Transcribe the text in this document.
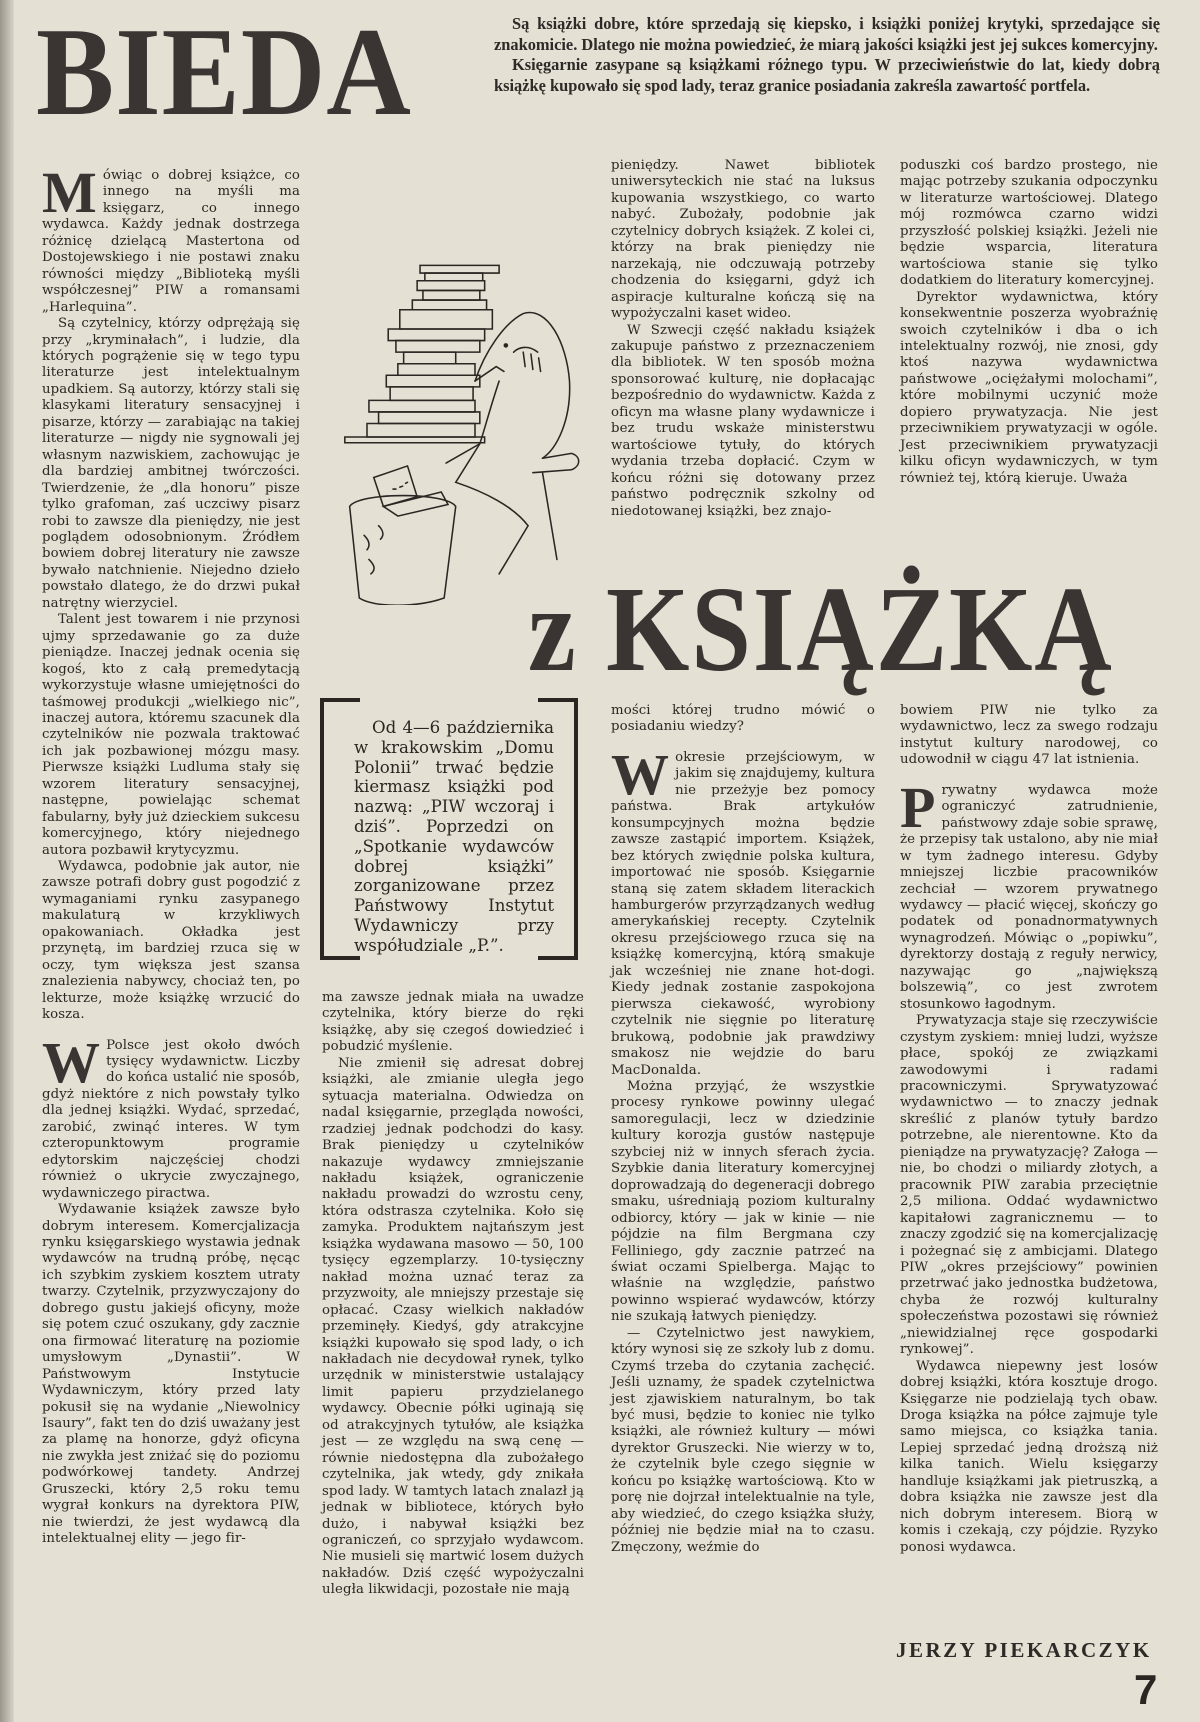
BIEDA	Są książki dobre, które sprzedają się kiepsko, i książki poniżej krytyki, sprzedające się znakomicie. Dlatego nie można powiedzieć, że miarą jakości książki jest jej sukces komercyjny.

Księgarnie zasypane są książkami różnego typu. W przeciwieństwie do lat, kiedy dobrą książkę kupowało się spod lady, teraz granice posiadania zakreśla zawartość portfela.

Mówiąc o dobrej książce, co innego na myśli ma księgarz, co innego wydawca. Każdy jednak dostrzega różnicę dzielącą Mastertona od Dostojewskiego i nie postawi znaku równości między „Biblioteką myśli współczesnej” PIW a romansami „Harlequina”.

Są czytelnicy, którzy odprężają się przy „kryminałach”, i ludzie, dla których pogrążenie się w tego typu literaturze jest intelektualnym upadkiem. Są autorzy, którzy stali się klasykami literatury sensacyjnej i pisarze, którzy — zarabiając na takiej literaturze — nigdy nie sygnowali jej własnym nazwiskiem, zachowując je dla bardziej ambitnej twórczości. Twierdzenie, że „dla honoru” pisze tylko grafoman, zaś uczciwy pisarz robi to zawsze dla pieniędzy, nie jest poglądem odosobnionym. Źródłem bowiem dobrej literatury nie zawsze bywało natchnienie. Niejedno dzieło powstało dlatego, że do drzwi pukał natrętny wierzyciel.

Talent jest towarem i nie przynosi ujmy sprzedawanie go za duże pieniądze. Inaczej jednak ocenia się kogoś, kto z całą premedytacją wykorzystuje własne umiejętności do taśmowej produkcji „wielkiego nic”, inaczej autora, któremu szacunek dla czytelników nie pozwala traktować ich jak pozbawionej mózgu masy. Pierwsze książki Ludluma stały się wzorem literatury sensacyjnej, następne, powielając schemat fabularny, były już dzieckiem sukcesu komercyjnego, który niejednego autora pozbawił krytycyzmu.

Wydawca, podobnie jak autor, nie zawsze potrafi dobry gust pogodzić z wymaganiami rynku zasypanego makulaturą w krzykliwych opakowaniach. Okładka jest przynętą, im bardziej rzuca się w oczy, tym większa jest szansa znalezienia nabywcy, chociaż ten, po lekturze, może książkę wrzucić do kosza.

W Polsce jest około dwóch tysięcy wydawnictw. Liczby do końca ustalić nie sposób, gdyż niektóre z nich powstały tylko dla jednej książki. Wydać, sprzedać, zarobić, zwinąć interes. W tym czteropunktowym programie edytorskim najczęściej chodzi również o ukrycie zwyczajnego, wydawniczego piractwa.

Wydawanie książek zawsze było dobrym interesem. Komercjalizacja rynku księgarskiego wystawia jednak wydawców na trudną próbę, nęcąc ich szybkim zyskiem kosztem utraty twarzy. Czytelnik, przyzwyczajony do dobrego gustu jakiejś oficyny, może się potem czuć oszukany, gdy zacznie ona firmować literaturę na poziomie umysłowym „Dynastii”. W Państwowym Instytucie Wydawniczym, który przed laty pokusił się na wydanie „Niewolnicy Isaury”, fakt ten do dziś uważany jest za plamę na honorze, gdyż oficyna nie zwykła jest zniżać się do poziomu podwórkowej tandety. Andrzej Gruszecki, który 2,5 roku temu wygrał konkurs na dyrektora PIW, nie twierdzi, że jest wydawcą dla intelektualnej elity — jego fir-

pieniędzy. Nawet bibliotek uniwersyteckich nie stać na luksus kupowania wszystkiego, co warto nabyć. Zubożały, podobnie jak czytelnicy dobrych książek. Z kolei ci, którzy na brak pieniędzy nie narzekają, nie odczuwają potrzeby chodzenia do księgarni, gdyż ich aspiracje kulturalne kończą się na wypożyczalni kaset wideo.

W Szwecji część nakładu książek zakupuje państwo z przeznaczeniem dla bibliotek. W ten sposób można sponsorować kulturę, nie dopłacając bezpośrednio do wydawnictw. Każda z oficyn ma własne plany wydawnicze i bez trudu wskaże ministerstwu wartościowe tytuły, do których wydania trzeba dopłacić. Czym w końcu różni się dotowany przez państwo podręcznik szkolny od niedotowanej książki, bez znajo-

poduszki coś bardzo prostego, nie mając potrzeby szukania odpoczynku w literaturze wartościowej. Dlatego mój rozmówca czarno widzi przyszłość polskiej książki. Jeżeli nie będzie wsparcia, literatura wartościowa stanie się tylko dodatkiem do literatury komercyjnej.

Dyrektor wydawnictwa, który konsekwentnie poszerza wyobraźnię swoich czytelników i dba o ich intelektualny rozwój, nie znosi, gdy ktoś nazywa wydawnictwa państwowe „ociężałymi molochami”, które mobilnymi uczynić może dopiero prywatyzacja. Nie jest przeciwnikiem prywatyzacji w ogóle. Jest przeciwnikiem prywatyzacji kilku oficyn wydawniczych, w tym również tej, którą kieruje. Uważa

z KSIĄŻKĄ

Od 4—6 października w krakowskim „Domu Polonii” trwać będzie kiermasz książki pod nazwą: „PIW wczoraj i dziś”. Poprzedzi on „Spotkanie wydawców dobrej książki” zorganizowane przez Państwowy Instytut Wydawniczy przy współudziale „P.”.

ma zawsze jednak miała na uwadze czytelnika, który bierze do ręki książkę, aby się czegoś dowiedzieć i pobudzić myślenie.

Nie zmienił się adresat dobrej książki, ale zmianie uległa jego sytuacja materialna. Odwiedza on nadal księgarnie, przegląda nowości, rzadziej jednak podchodzi do kasy. Brak pieniędzy u czytelników nakazuje wydawcy zmniejszanie nakładu książek, ograniczenie nakładu prowadzi do wzrostu ceny, która odstrasza czytelnika. Koło się zamyka. Produktem najtańszym jest książka wydawana masowo — 50, 100 tysięcy egzemplarzy. 10-tysięczny nakład można uznać teraz za przyzwoity, ale mniejszy przestaje się opłacać. Czasy wielkich nakładów przeminęły. Kiedyś, gdy atrakcyjne książki kupowało się spod lady, o ich nakładach nie decydował rynek, tylko urzędnik w ministerstwie ustalający limit papieru przydzielanego wydawcy. Obecnie półki uginają się od atrakcyjnych tytułów, ale książka jest — ze względu na swą cenę — równie niedostępna dla zubożałego czytelnika, jak wtedy, gdy znikała spod lady. W tamtych latach znalazł ją jednak w bibliotece, których było dużo, i nabywał książki bez ograniczeń, co sprzyjało wydawcom. Nie musieli się martwić losem dużych nakładów. Dziś część wypożyczalni uległa likwidacji, pozostałe nie mają

mości której trudno mówić o posiadaniu wiedzy?

Wokresie przejściowym, w jakim się znajdujemy, kultura nie przeżyje bez pomocy państwa. Brak artykułów konsumpcyjnych można będzie zawsze zastąpić importem. Książek, bez których zwiędnie polska kultura, importować nie sposób. Księgarnie staną się zatem składem literackich hamburgerów przyrządzanych według amerykańskiej recepty. Czytelnik okresu przejściowego rzuca się na książkę komercyjną, którą smakuje jak wcześniej nie znane hot-dogi. Kiedy jednak zostanie zaspokojona pierwsza ciekawość, wyrobiony czytelnik nie sięgnie po literaturę brukową, podobnie jak prawdziwy smakosz nie wejdzie do baru MacDonalda.

Można przyjąć, że wszystkie procesy rynkowe powinny ulegać samoregulacji, lecz w dziedzinie kultury korozja gustów następuje szybciej niż w innych sferach życia. Szybkie dania literatury komercyjnej doprowadzają do degeneracji dobrego smaku, uśredniają poziom kulturalny odbiorcy, który — jak w kinie — nie pójdzie na film Bergmana czy Felliniego, gdy zacznie patrzeć na świat oczami Spielberga. Mając to właśnie na względzie, państwo powinno wspierać wydawców, którzy nie szukają łatwych pieniędzy.

— Czytelnictwo jest nawykiem, który wynosi się ze szkoły lub z domu. Czymś trzeba do czytania zachęcić. Jeśli uznamy, że spadek czytelnictwa jest zjawiskiem naturalnym, bo tak być musi, będzie to koniec nie tylko książki, ale również kultury — mówi dyrektor Gruszecki. Nie wierzy w to, że czytelnik byle czego sięgnie w końcu po książkę wartościową. Kto w porę nie dojrzał intelektualnie na tyle, aby wiedzieć, do czego książka służy, później nie będzie miał na to czasu. Zmęczony, weźmie do

bowiem PIW nie tylko za wydawnictwo, lecz za swego rodzaju instytut kultury narodowej, co udowodnił w ciągu 47 lat istnienia.

Prywatny wydawca może ograniczyć zatrudnienie, państwowy zdaje sobie sprawę, że przepisy tak ustalono, aby nie miał w tym żadnego interesu. Gdyby mniejszej liczbie pracowników zechciał — wzorem prywatnego wydawcy — płacić więcej, skończy go podatek od ponadnormatywnych wynagrodzeń. Mówiąc o „popiwku”, dyrektorzy dostają z reguły nerwicy, nazywając go „największą bolszewią”, co jest zwrotem stosunkowo łagodnym.

Prywatyzacja staje się rzeczywiście czystym zyskiem: mniej ludzi, wyższe płace, spokój ze związkami zawodowymi i radami pracowniczymi. Sprywatyzować wydawnictwo — to znaczy jednak skreślić z planów tytuły bardzo potrzebne, ale nierentowne. Kto da pieniądze na prywatyzację? Załoga — nie, bo chodzi o miliardy złotych, a pracownik PIW zarabia przeciętnie 2,5 miliona. Oddać wydawnictwo kapitałowi zagranicznemu — to znaczy zgodzić się na komercjalizację i pożegnać się z ambicjami. Dlatego PIW „okres przejściowy” powinien przetrwać jako jednostka budżetowa, chyba że rozwój kulturalny społeczeństwa pozostawi się również „niewidzialnej ręce gospodarki rynkowej”.

Wydawca niepewny jest losów dobrej książki, która kosztuje drogo. Księgarze nie podzielają tych obaw. Droga książka na półce zajmuje tyle samo miejsca, co książka tania. Lepiej sprzedać jedną droższą niż kilka tanich. Wielu księgarzy handluje książkami jak pietruszką, a dobra książka nie zawsze jest dla nich dobrym interesem. Biorą w komis i czekają, czy pójdzie. Ryzyko ponosi wydawca.

JERZY PIEKARCZYK

7
